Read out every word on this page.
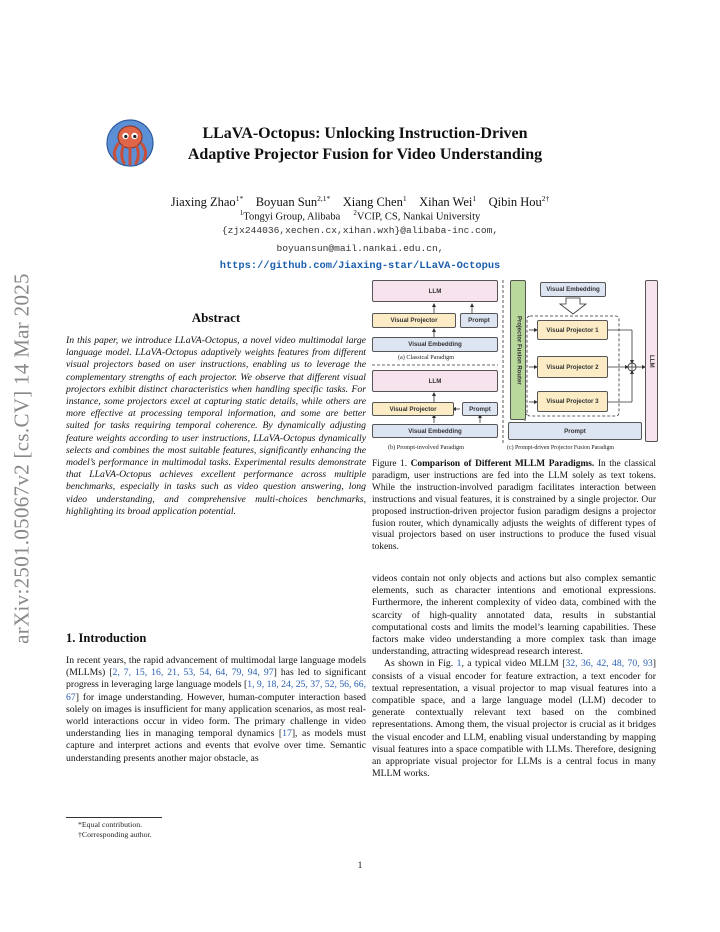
arXiv:2501.05067v2 [cs.CV] 14 Mar 2025
LLaVA-Octopus: Unlocking Instruction-Driven
Adaptive Projector Fusion for Video Understanding
Jiaxing Zhao$^{1*}$ Boyuan Sun$^{2,1*}$ Xiang Chen$^1$ Xihan Wei$^1$ Qibin Hou$^{2\dagger}$
$^1$Tongyi Group, Alibaba $^2$VCIP, CS, Nankai University
{zjx244036,xechen.cx,xihan.wxh}@alibaba-inc.com,
boyuansun@mail.nankai.edu.cn,
https://github.com/Jiaxing-star/LLaVA-Octopus
Abstract
In this paper, we introduce LLaVA-Octopus, a novel video multimodal large language model. LLaVA-Octopus adaptively weights features from different visual projectors based on user instructions, enabling us to leverage the complementary strengths of each projector. We observe that different visual projectors exhibit distinct characteristics when handling specific tasks. For instance, some projectors excel at capturing static details, while others are more effective at processing temporal information, and some are better suited for tasks requiring temporal coherence. By dynamically adjusting feature weights according to user instructions, LLaVA-Octopus dynamically selects and combines the most suitable features, significantly enhancing the model’s performance in multimodal tasks. Experimental results demonstrate that LLaVA-Octopus achieves excellent performance across multiple benchmarks, especially in tasks such as video question answering, long video understanding, and comprehensive multi-choices benchmarks, highlighting its broad application potential.
1. Introduction
In recent years, the rapid advancement of multimodal large language models (MLLMs) [2, 7, 15, 16, 21, 53, 54, 64, 79, 94, 97] has led to significant progress in leveraging large language models [1, 9, 18, 24, 25, 37, 52, 56, 66, 67] for image understanding. However, human-computer interaction based solely on images is insufficient for many application scenarios, as most real-world interactions occur in video form. The primary challenge in video understanding lies in managing temporal dynamics [17], as models must capture and interpret actions and events that evolve over time. Semantic understanding presents another major obstacle, as
*Equal contribution.
†Corresponding author.
LLM
Visual Projector	Prompt
Visual Embedding
(a) Classical Paradigm
LLM
Visual Projector	Prompt
Visual Embedding
(b) Prompt-involved Paradigm
Projector Fusion Router
Visual Embedding
Visual Projector 1
Visual Projector 2
Visual Projector 3
LLM
Prompt
(c) Prompt-driven Projector Fusion Paradigm
Figure 1. Comparison of Different MLLM Paradigms. In the classical paradigm, user instructions are fed into the LLM solely as text tokens. While the instruction-involved paradigm facilitates interaction between instructions and visual features, it is constrained by a single projector. Our proposed instruction-driven projector fusion paradigm designs a projector fusion router, which dynamically adjusts the weights of different types of visual projectors based on user instructions to produce the fused visual tokens.

videos contain not only objects and actions but also complex semantic elements, such as character intentions and emotional expressions. Furthermore, the inherent complexity of video data, combined with the scarcity of high-quality annotated data, results in substantial computational costs and limits the model’s learning capabilities. These factors make video understanding a more complex task than image understanding, attracting widespread research interest.

As shown in Fig. 1, a typical video MLLM [32, 36, 42, 48, 70, 93] consists of a visual encoder for feature extraction, a text encoder for textual representation, a visual projector to map visual features into a compatible space, and a large language model (LLM) decoder to generate contextually relevant text based on the combined representations. Among them, the visual projector is crucial as it bridges the visual encoder and LLM, enabling visual understanding by mapping visual features into a space compatible with LLMs. Therefore, designing an appropriate visual projector for LLMs is a central focus in many MLLM works.

1
